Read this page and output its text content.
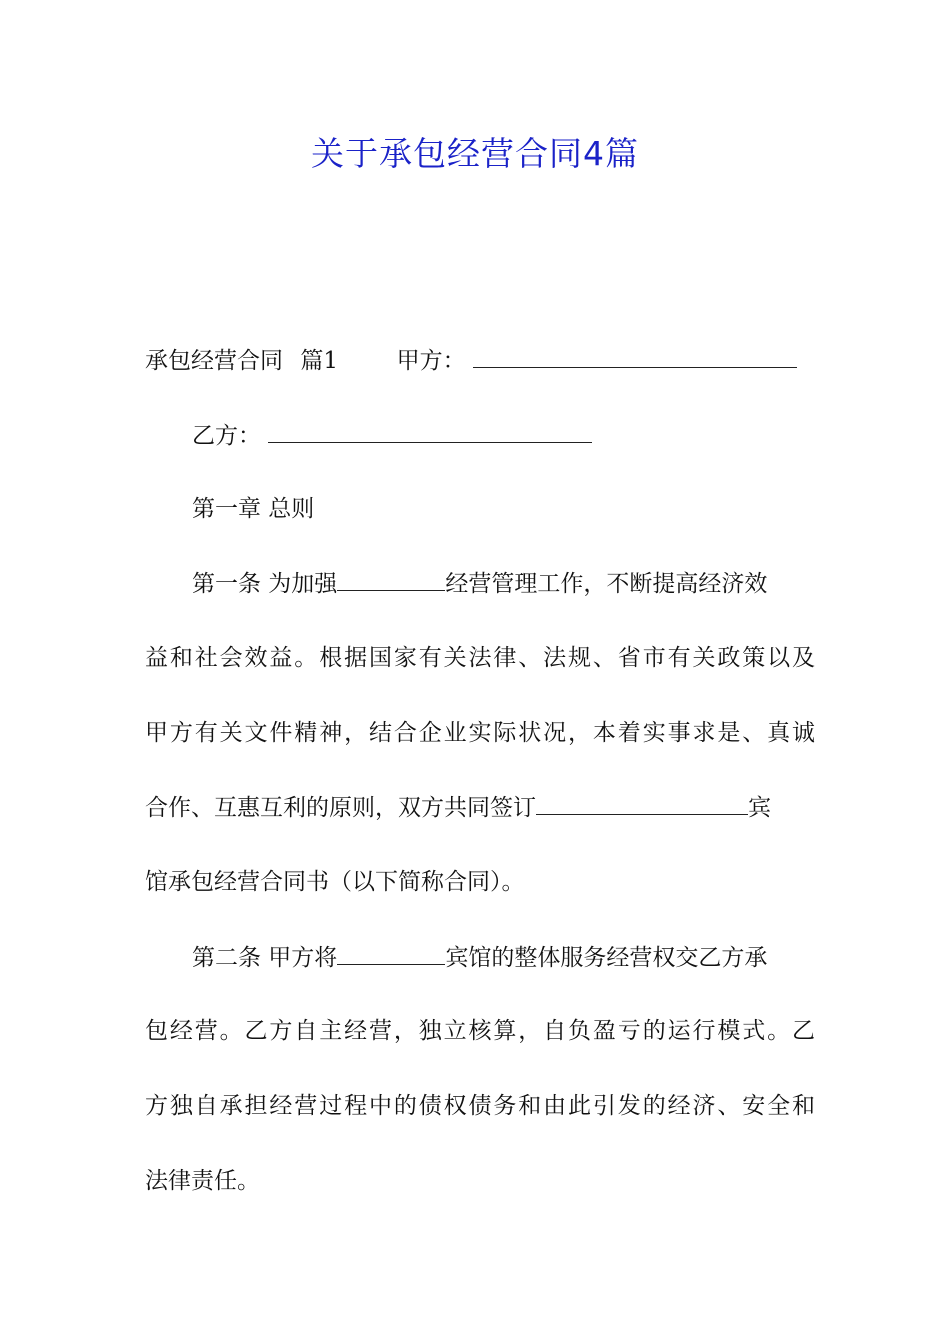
关于承包经营合同4篇
承包经营合同 篇1	甲方：
乙方：
第一章 总则
第一条 为加强	经营管理工作，不断提高经济效
益和社会效益。根据国家有关法律、法规、省市有关政策以及
甲方有关文件精神，结合企业实际状况，本着实事求是、真诚
合作、互惠互利的原则，双方共同签订	宾
馆承包经营合同书（以下简称合同）。
第二条 甲方将	宾馆的整体服务经营权交乙方承
包经营。乙方自主经营，独立核算，自负盈亏的运行模式。乙
方独自承担经营过程中的债权债务和由此引发的经济、安全和
法律责任。
